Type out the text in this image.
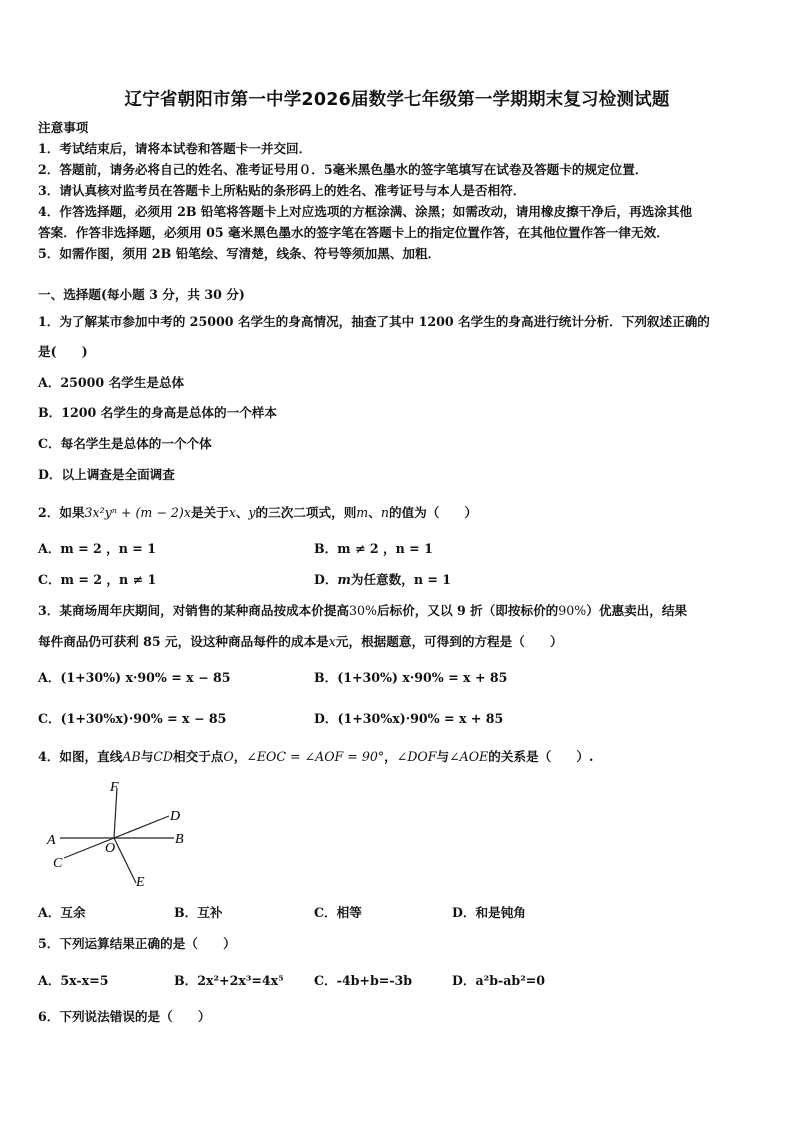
辽宁省朝阳市第一中学2026届数学七年级第一学期期末复习检测试题
注意事项
1．考试结束后，请将本试卷和答题卡一并交回．
2．答题前，请务必将自己的姓名、准考证号用０．5毫米黑色墨水的签字笔填写在试卷及答题卡的规定位置．
3．请认真核对监考员在答题卡上所粘贴的条形码上的姓名、准考证号与本人是否相符．
4．作答选择题，必须用 2B 铅笔将答题卡上对应选项的方框涂满、涂黑；如需改动，请用橡皮擦干净后，再选涂其他
答案．作答非选择题，必须用 05 毫米黑色墨水的签字笔在答题卡上的指定位置作答，在其他位置作答一律无效．
5．如需作图，须用 2B 铅笔绘、写清楚，线条、符号等须加黑、加粗．
一、选择题(每小题 3 分，共 30 分)
1．为了解某市参加中考的 25000 名学生的身高情况，抽查了其中 1200 名学生的身高进行统计分析．下列叙述正确的
是(　　)
A．25000 名学生是总体
B．1200 名学生的身高是总体的一个样本
C．每名学生是总体的一个个体
D．以上调查是全面调查
2．如果3x²yⁿ + (m − 2)x是关于x、y的三次二项式，则m、n的值为（　　）
A．m = 2 ，n = 1	B．m ≠ 2 ，n = 1
C．m = 2 ，n ≠ 1	D．m为任意数，n = 1
3．某商场周年庆期间，对销售的某种商品按成本价提高30%后标价，又以 9 折（即按标价的90%）优惠卖出，结果
每件商品仍可获利 85 元，设这种商品每件的成本是x元，根据题意，可得到的方程是（　　）
A．(1+30%) x·90% = x − 85	B．(1+30%) x·90% = x + 85
C．(1+30%x)·90% = x − 85	D．(1+30%x)·90% = x + 85
4．如图，直线AB与CD相交于点O，∠EOC = ∠AOF = 90°，∠DOF与∠AOE的关系是（　　）.
F
D
A	B
O
C
E
A．互余	B．互补	C．相等	D．和是钝角
5．下列运算结果正确的是（　　）
A．5x-x=5	B．2x²+2x³=4x⁵ C．-4b+b=-3b	D．a²b-ab²=0
6．下列说法错误的是（　　）
